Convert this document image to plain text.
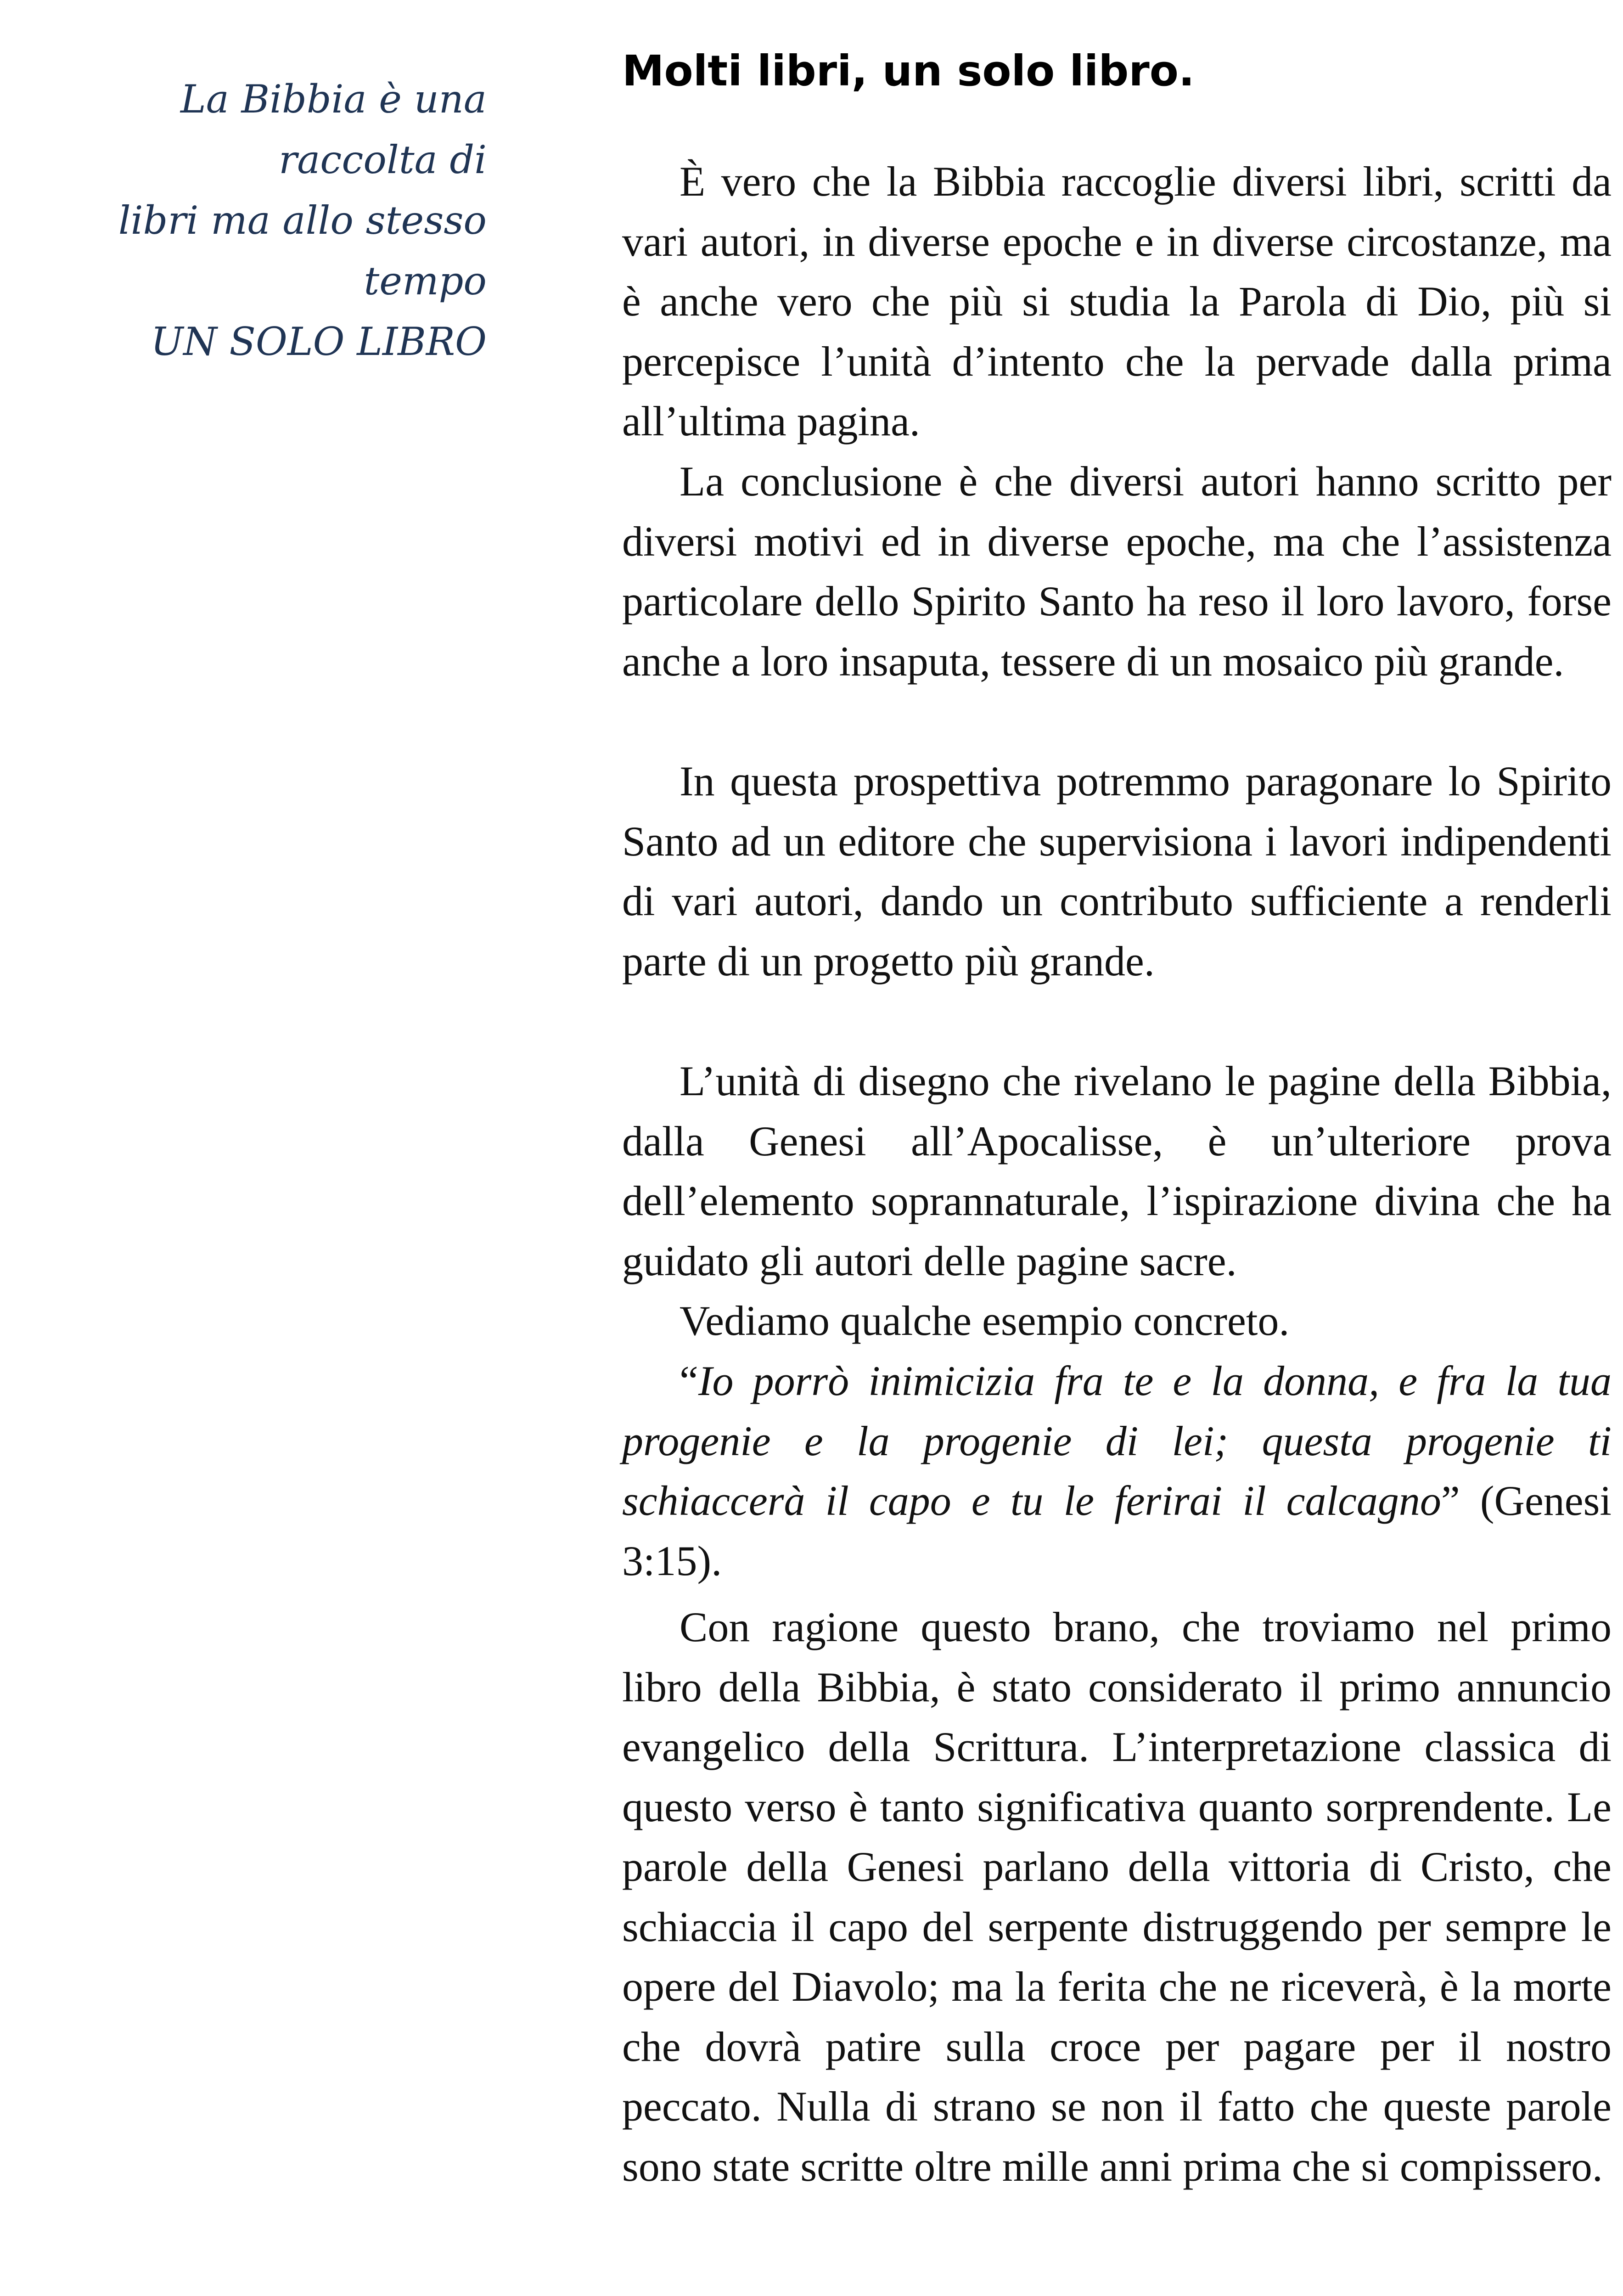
La Bibbia è una raccolta di
libri ma allo stesso tempo
UN SOLO LIBRO
Molti libri, un solo libro.

È vero che la Bibbia raccoglie diversi libri, scritti da vari autori, in diverse epoche e in diverse circostanze, ma è anche vero che più si studia la Parola di Dio, più si percepisce l’unità d’intento che la pervade dalla prima all’ultima pagina.

La conclusione è che diversi autori hanno scritto per diversi motivi ed in diverse epoche, ma che l’assistenza particolare dello Spirito Santo ha reso il loro lavoro, forse anche a loro insaputa, tessere di un mosaico più grande.

In questa prospettiva potremmo paragonare lo Spirito Santo ad un editore che supervisiona i lavori indipendenti di vari autori, dando un contributo sufficiente a renderli parte di un progetto più grande.

L’unità di disegno che rivelano le pagine della Bibbia, dalla Genesi all’Apocalisse, è un’ulteriore prova dell’elemento soprannaturale, l’ispirazione divina che ha guidato gli autori delle pagine sacre.

Vediamo qualche esempio concreto.

“Io porrò inimicizia fra te e la donna, e fra la tua progenie e la progenie di lei; questa progenie ti schiaccerà il capo e tu le ferirai il calcagno” (Genesi 3:15).

Con ragione questo brano, che troviamo nel primo libro della Bibbia, è stato considerato il primo annuncio evangelico della Scrittura. L’interpretazione classica di questo verso è tanto significativa quanto sorprendente. Le parole della Genesi parlano della vittoria di Cristo, che schiaccia il capo del serpente distruggendo per sempre le opere del Diavolo; ma la ferita che ne riceverà, è la morte che dovrà patire sulla croce per pagare per il nostro peccato. Nulla di strano se non il fatto che queste parole sono state scritte oltre mille anni prima che si compissero.
